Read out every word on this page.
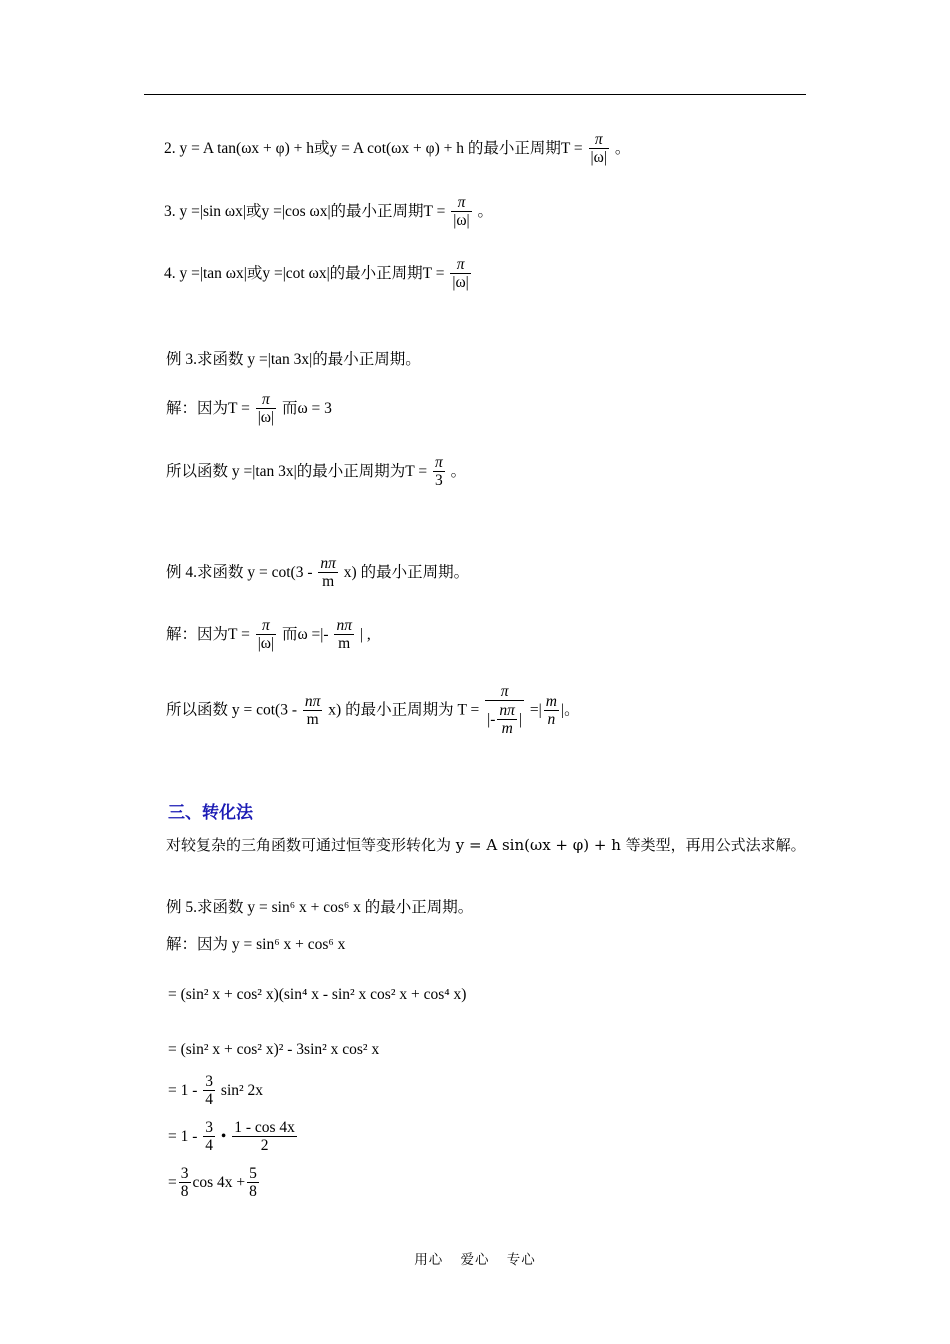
2. y = A tan(ωx + φ) + h或y = A cot(ωx + φ) + h 的最小正周期$T = \frac{\pi}{|\omega|}$ 。
3. y =|sin ωx|或y =|cos ωx|的最小正周期$T = \frac{\pi}{|\omega|}$ 。
4. y =|tan ωx|或y =|cot ωx|的最小正周期$T = \frac{\pi}{|\omega|}$
例 3.求函数 y =|tan 3x|的最小正周期。
解：因为$T = \frac{\pi}{|\omega|}$ 而ω = 3
所以函数 y =|tan 3x|的最小正周期为$T = \frac{\pi}{3}$ 。
例 4.求函数 $y = \cot(3 - \frac{n\pi}{m} x)$ 的最小正周期。
解：因为$T = \frac{\pi}{|\omega|}$ 而ω =|- $\frac{n\pi}{m}$ | ,
所以函数 $y = \cot(3 - \frac{n\pi}{m} x)$ 的最小正周期为 $T = \frac{\pi}{|- \frac{n\pi}{m} |}$ =| $\frac{m}{n}$ |。
三、转化法
对较复杂的三角函数可通过恒等变形转化为 y = A sin(ωx + φ) + h 等类型，再用公式法求解。
例 5.求函数 y = sin⁶ x + cos⁶ x 的最小正周期。
解：因为 y = sin⁶ x + cos⁶ x
= (sin² x + cos² x)(sin⁴ x - sin² x cos² x + cos⁴ x)
= (sin² x + cos² x)² - 3sin² x cos² x
= $1 - \frac{3}{4} \sin^2$ 2x
= $1 - \frac{3}{4}$ • $\frac{1 - \cos 4x}{2}$
= $\frac{3}{8}$ $\cos 4x + \frac{5}{8}$
用心 爱心 专心
